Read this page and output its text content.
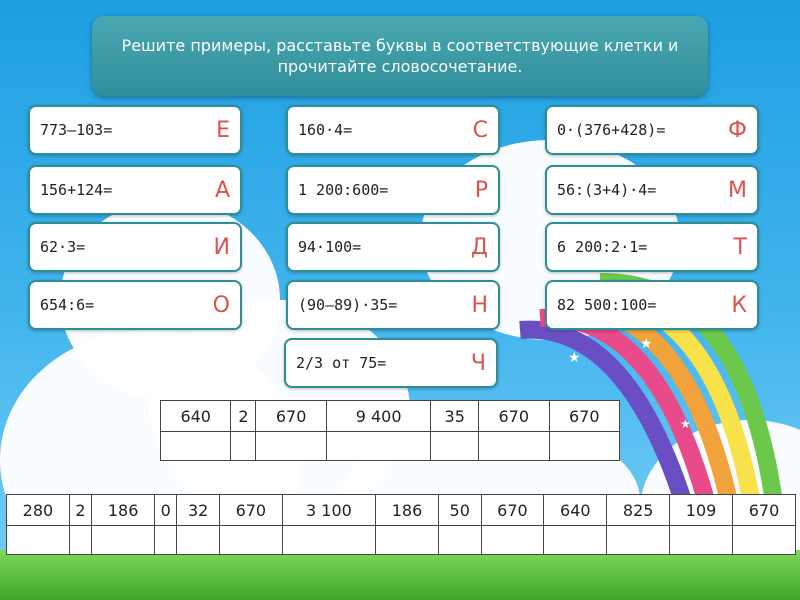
★
★
★
Решите примеры, расставьте буквы в соответствующие клетки и прочитайте словосочетание.
773–103=	Е
156+124=	А
62·3=	И
654:6=	О
160·4=	С
1 200:600=	Р
94·100=	Д
(90–89)·35=	Н
2/3 от 75=	Ч
0·(376+428)=	Ф
56:(3+4)·4=	М
6 200:2·1=	Т
82 500:100=	К
640	2	670	9 400	35	670	670

280	2	186	0	32	670	3 100	186	50	670	640	825	109	670
